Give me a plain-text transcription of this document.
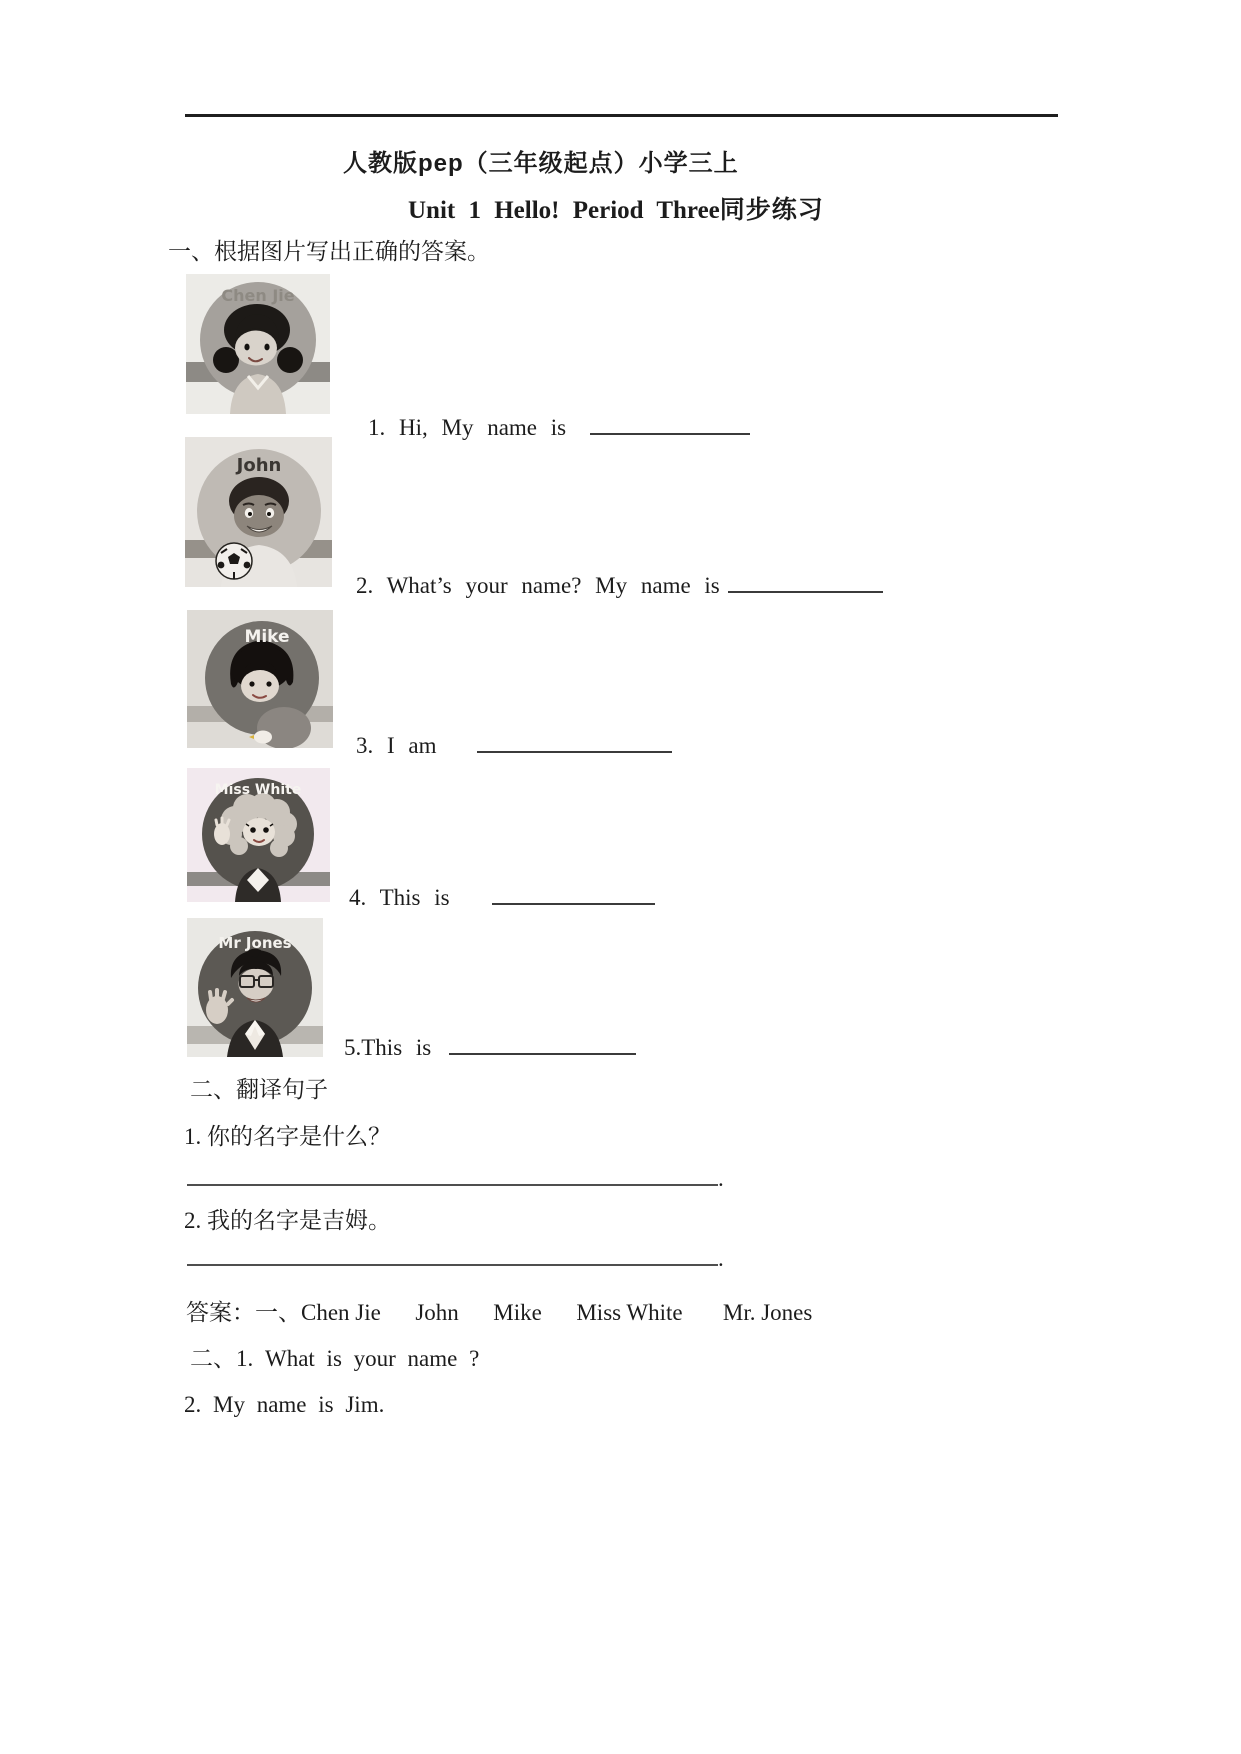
人教版pep（三年级起点）小学三上
Unit 1 Hello! Period Three同步练习
一、根据图片写出正确的答案。
Chen Jie
1. Hi, My name is
John
2. What’s your name? My name is
Mike
3. I am
Miss White
4. This is
Mr Jones
5.This is
二、翻译句子
1. 你的名字是什么？
.
2. 我的名字是吉姆。
.
答案：一、Chen Jie      John      Mike      Miss White       Mr. Jones
二、1. What is your name ?
2. My name is Jim.
